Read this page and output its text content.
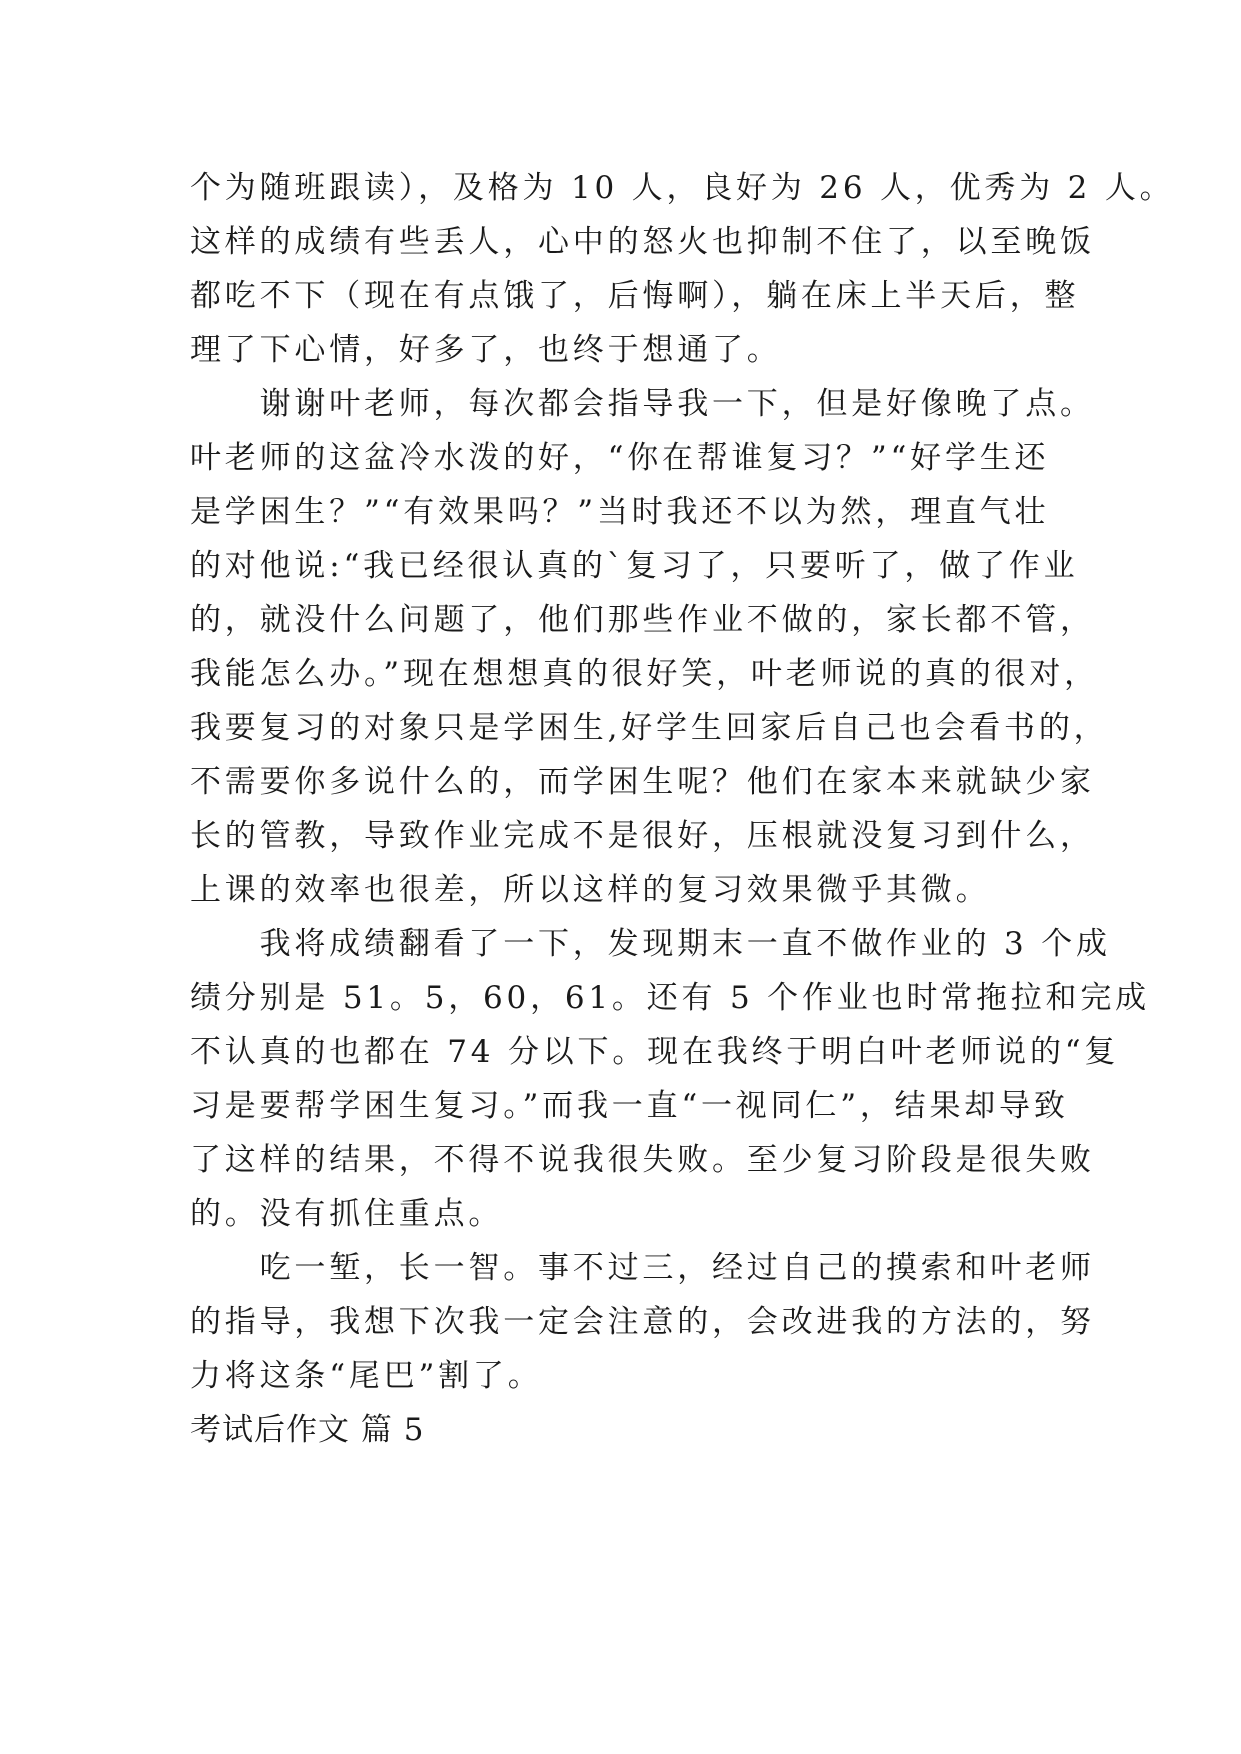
个为随班跟读），及格为 10 人，良好为 26 人，优秀为 2 人。
这样的成绩有些丢人，心中的怒火也抑制不住了，以至晚饭
都吃不下（现在有点饿了，后悔啊），躺在床上半天后，整
理了下心情，好多了，也终于想通了。
　　谢谢叶老师，每次都会指导我一下，但是好像晚了点。
叶老师的这盆冷水泼的好，“你在帮谁复习？”“好学生还
是学困生？”“有效果吗？”当时我还不以为然，理直气壮
的对他说:“我已经很认真的`复习了，只要听了，做了作业
的，就没什么问题了，他们那些作业不做的，家长都不管，
我能怎么办。”现在想想真的很好笑，叶老师说的真的很对，
我要复习的对象只是学困生,好学生回家后自己也会看书的，
不需要你多说什么的，而学困生呢？他们在家本来就缺少家
长的管教，导致作业完成不是很好，压根就没复习到什么，
上课的效率也很差，所以这样的复习效果微乎其微。
　　我将成绩翻看了一下，发现期末一直不做作业的 3 个成
绩分别是 51。5，60，61。还有 5 个作业也时常拖拉和完成
不认真的也都在 74 分以下。现在我终于明白叶老师说的“复
习是要帮学困生复习。”而我一直“一视同仁”，结果却导致
了这样的结果，不得不说我很失败。至少复习阶段是很失败
的。没有抓住重点。
　　吃一堑，长一智。事不过三，经过自己的摸索和叶老师
的指导，我想下次我一定会注意的，会改进我的方法的，努
力将这条“尾巴”割了。
考试后作文 篇 5
